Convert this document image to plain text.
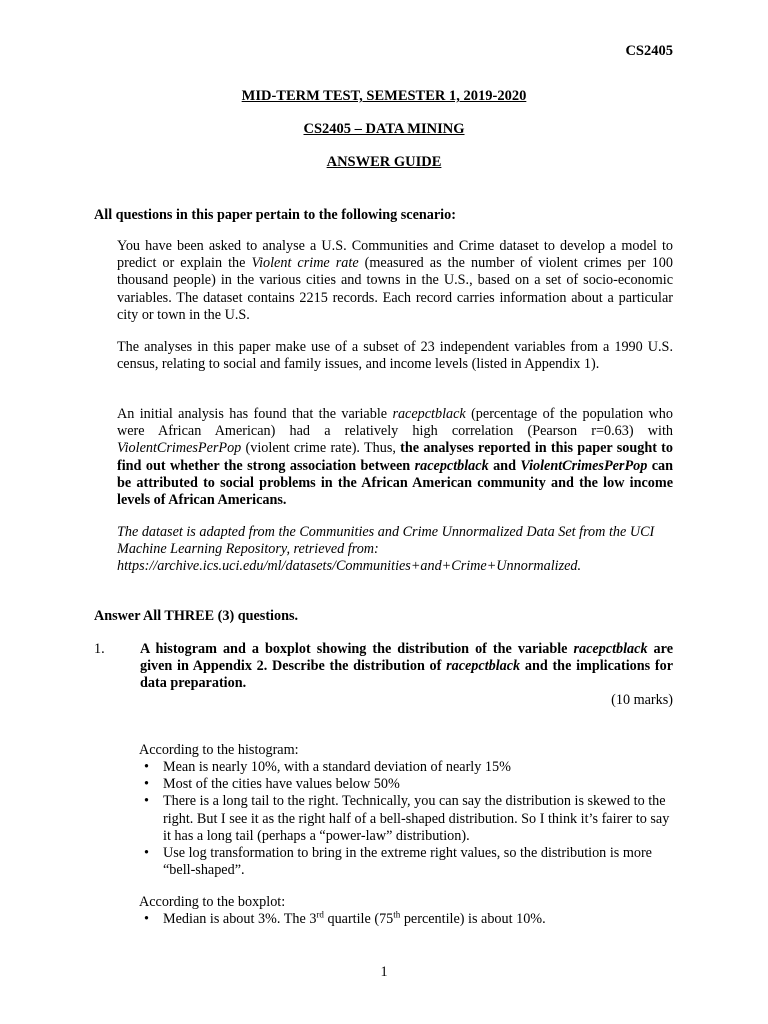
CS2405
MID-TERM TEST, SEMESTER 1, 2019-2020
CS2405 – DATA MINING
ANSWER GUIDE
All questions in this paper pertain to the following scenario:
You have been asked to analyse a U.S. Communities and Crime dataset to develop a model to predict or explain the Violent crime rate (measured as the number of violent crimes per 100 thousand people) in the various cities and towns in the U.S., based on a set of socio-economic variables. The dataset contains 2215 records. Each record carries information about a particular city or town in the U.S.
The analyses in this paper make use of a subset of 23 independent variables from a 1990 U.S. census, relating to social and family issues, and income levels (listed in Appendix 1).
An initial analysis has found that the variable racepctblack (percentage of the population who were African American) had a relatively high correlation (Pearson r=0.63) with ViolentCrimesPerPop (violent crime rate). Thus, the analyses reported in this paper sought to find out whether the strong association between racepctblack and ViolentCrimesPerPop can be attributed to social problems in the African American community and the low income levels of African Americans.
The dataset is adapted from the Communities and Crime Unnormalized Data Set from the UCI Machine Learning Repository, retrieved from: https://archive.ics.uci.edu/ml/datasets/Communities+and+Crime+Unnormalized.
Answer All THREE (3) questions.
1. A histogram and a boxplot showing the distribution of the variable racepctblack are given in Appendix 2. Describe the distribution of racepctblack and the implications for data preparation.
(10 marks)
According to the histogram:
• Mean is nearly 10%, with a standard deviation of nearly 15%
• Most of the cities have values below 50%
• There is a long tail to the right. Technically, you can say the distribution is skewed to the right. But I see it as the right half of a bell-shaped distribution. So I think it’s fairer to say it has a long tail (perhaps a “power-law” distribution).
• Use log transformation to bring in the extreme right values, so the distribution is more “bell-shaped”.
According to the boxplot:
• Median is about 3%. The 3rd quartile (75th percentile) is about 10%.
1
